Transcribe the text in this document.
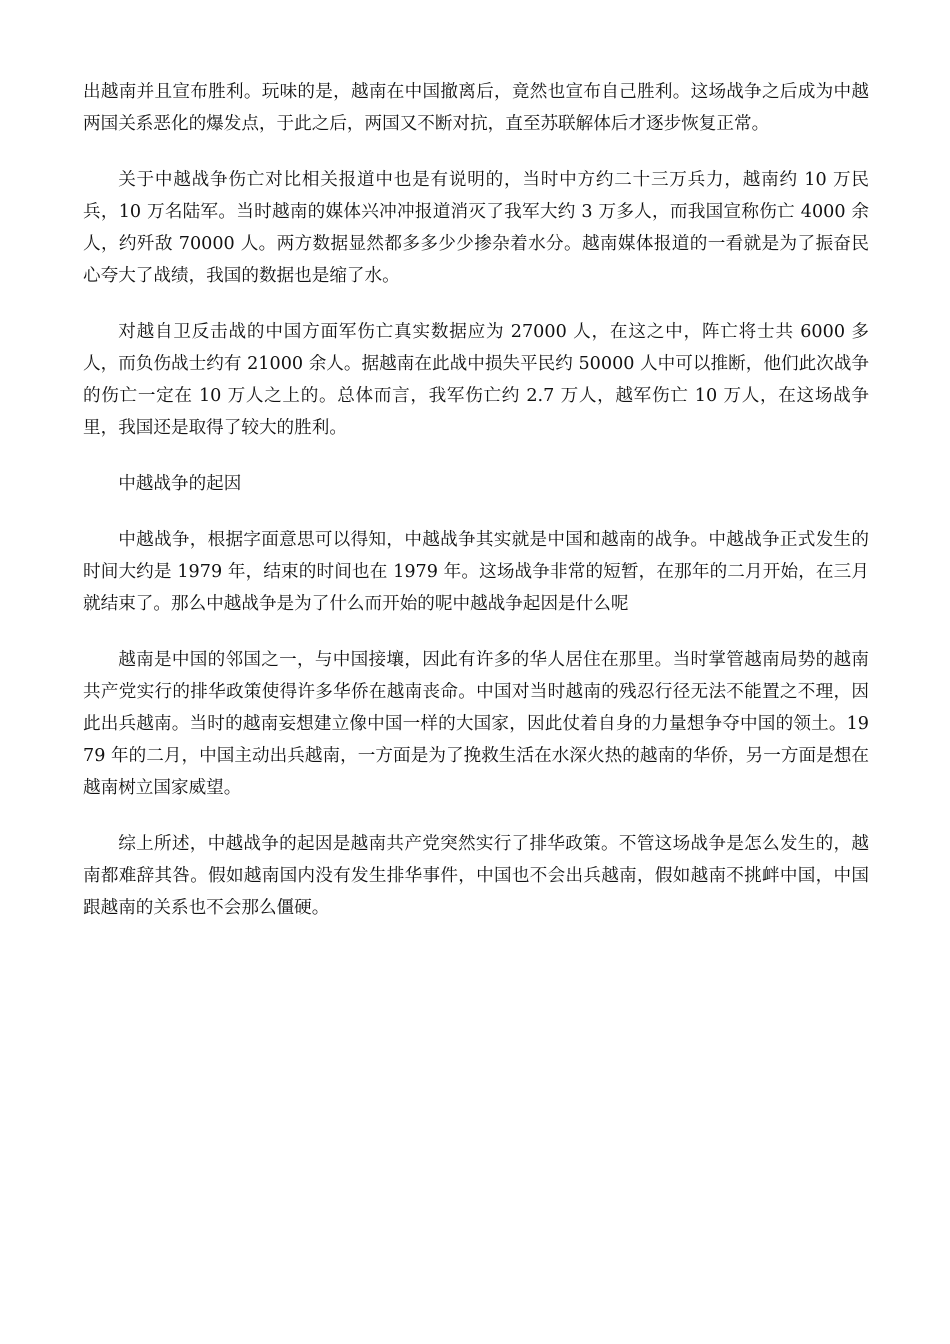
出越南并且宣布胜利。玩味的是，越南在中国撤离后，竟然也宣布自己胜利。这场战争之后成为中越两国关系恶化的爆发点，于此之后，两国又不断对抗，直至苏联解体后才逐步恢复正常。

关于中越战争伤亡对比相关报道中也是有说明的，当时中方约二十三万兵力，越南约 10 万民兵，10 万名陆军。当时越南的媒体兴冲冲报道消灭了我军大约 3 万多人，而我国宣称伤亡 4000 余人，约歼敌 70000 人。两方数据显然都多多少少掺杂着水分。越南媒体报道的一看就是为了振奋民心夸大了战绩，我国的数据也是缩了水。

对越自卫反击战的中国方面军伤亡真实数据应为 27000 人，在这之中，阵亡将士共 6000 多人，而负伤战士约有 21000 余人。据越南在此战中损失平民约 50000 人中可以推断，他们此次战争的伤亡一定在 10 万人之上的。总体而言，我军伤亡约 2.7 万人，越军伤亡 10 万人，在这场战争里，我国还是取得了较大的胜利。

中越战争的起因

中越战争，根据字面意思可以得知，中越战争其实就是中国和越南的战争。中越战争正式发生的时间大约是 1979 年，结束的时间也在 1979 年。这场战争非常的短暂，在那年的二月开始，在三月就结束了。那么中越战争是为了什么而开始的呢中越战争起因是什么呢

越南是中国的邻国之一，与中国接壤，因此有许多的华人居住在那里。当时掌管越南局势的越南共产党实行的排华政策使得许多华侨在越南丧命。中国对当时越南的残忍行径无法不能置之不理，因此出兵越南。当时的越南妄想建立像中国一样的大国家，因此仗着自身的力量想争夺中国的领土。1979 年的二月，中国主动出兵越南，一方面是为了挽救生活在水深火热的越南的华侨，另一方面是想在越南树立国家威望。

综上所述，中越战争的起因是越南共产党突然实行了排华政策。不管这场战争是怎么发生的，越南都难辞其咎。假如越南国内没有发生排华事件，中国也不会出兵越南，假如越南不挑衅中国，中国跟越南的关系也不会那么僵硬。
